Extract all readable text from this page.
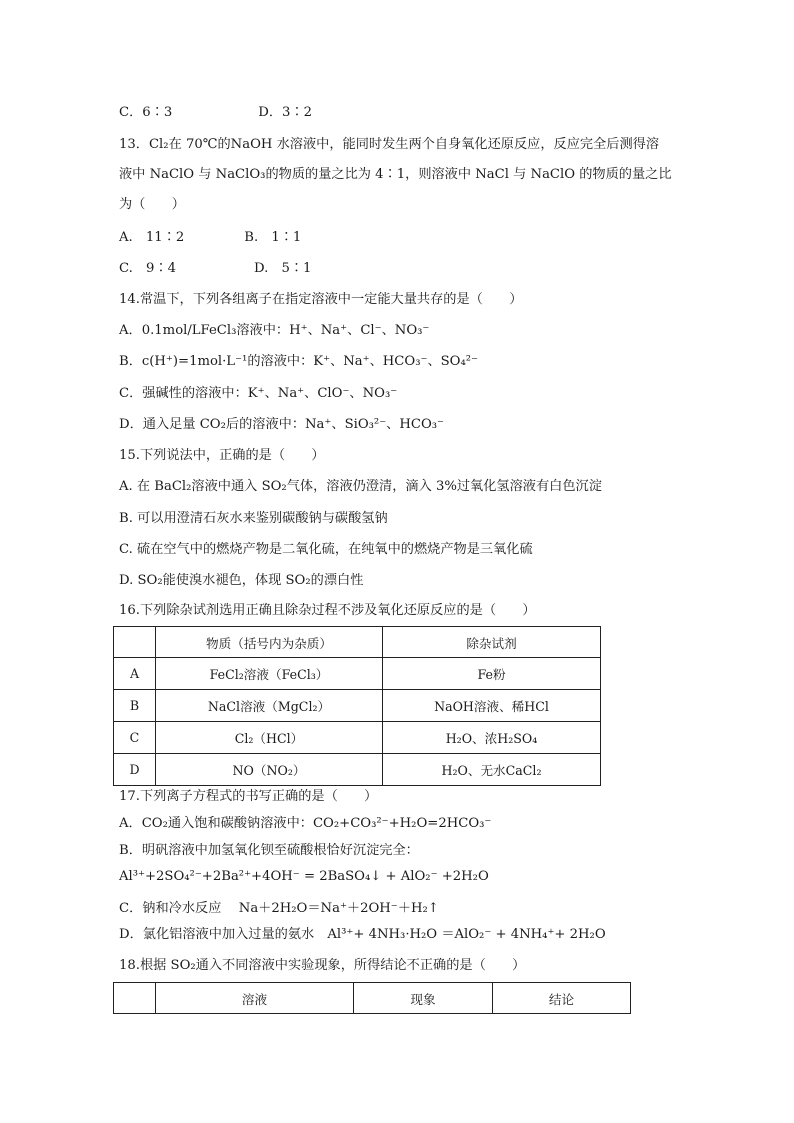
C．6∶3	D．3∶2
13．Cl₂在 70℃的NaOH 水溶液中，能同时发生两个自身氧化还原反应，反应完全后测得溶
液中 NaClO 与 NaClO₃的物质的量之比为 4∶1，则溶液中 NaCl 与 NaClO 的物质的量之比
为（　　）
A.　11∶2	B.　1∶1
C.　9∶4	D.　5∶1
14.常温下，下列各组离子在指定溶液中一定能大量共存的是（　　）
A．0.1mol/LFeCl₃溶液中：H⁺、Na⁺、Cl⁻、NO₃⁻
B．c(H⁺)=1mol·L⁻¹的溶液中：K⁺、Na⁺、HCO₃⁻、SO₄²⁻
C．强碱性的溶液中：K⁺、Na⁺、ClO⁻、NO₃⁻
D．通入足量 CO₂后的溶液中：Na⁺、SiO₃²⁻、HCO₃⁻
15.下列说法中，正确的是（　　）
A. 在 BaCl₂溶液中通入 SO₂气体，溶液仍澄清，滴入 3%过氧化氢溶液有白色沉淀
B. 可以用澄清石灰水来鉴别碳酸钠与碳酸氢钠
C. 硫在空气中的燃烧产物是二氧化硫，在纯氧中的燃烧产物是三氧化硫
D. SO₂能使溴水褪色，体现 SO₂的漂白性
16.下列除杂试剂选用正确且除杂过程不涉及氧化还原反应的是（　　）
	物质（括号内为杂质）	除杂试剂
A	FeCl₂溶液（FeCl₃）	Fe粉
B	NaCl溶液（MgCl₂）	NaOH溶液、稀HCl
C	Cl₂（HCl）	H₂O、浓H₂SO₄
D	NO（NO₂）	H₂O、无水CaCl₂
17.下列离子方程式的书写正确的是（　　）
A．CO₂通入饱和碳酸钠溶液中：CO₂+CO₃²⁻+H₂O=2HCO₃⁻
B．明矾溶液中加氢氧化钡至硫酸根恰好沉淀完全：
Al³⁺+2SO₄²⁻+2Ba²⁺+4OH⁻ = 2BaSO₄↓ + AlO₂⁻ +2H₂O
C．钠和冷水反应　 Na＋2H₂O＝Na⁺＋2OH⁻＋H₂↑
D．氯化铝溶液中加入过量的氨水　Al³⁺+ 4NH₃·H₂O ＝AlO₂⁻ + 4NH₄⁺+ 2H₂O
18.根据 SO₂通入不同溶液中实验现象，所得结论不正确的是（　　）
	溶液	现象	结论
